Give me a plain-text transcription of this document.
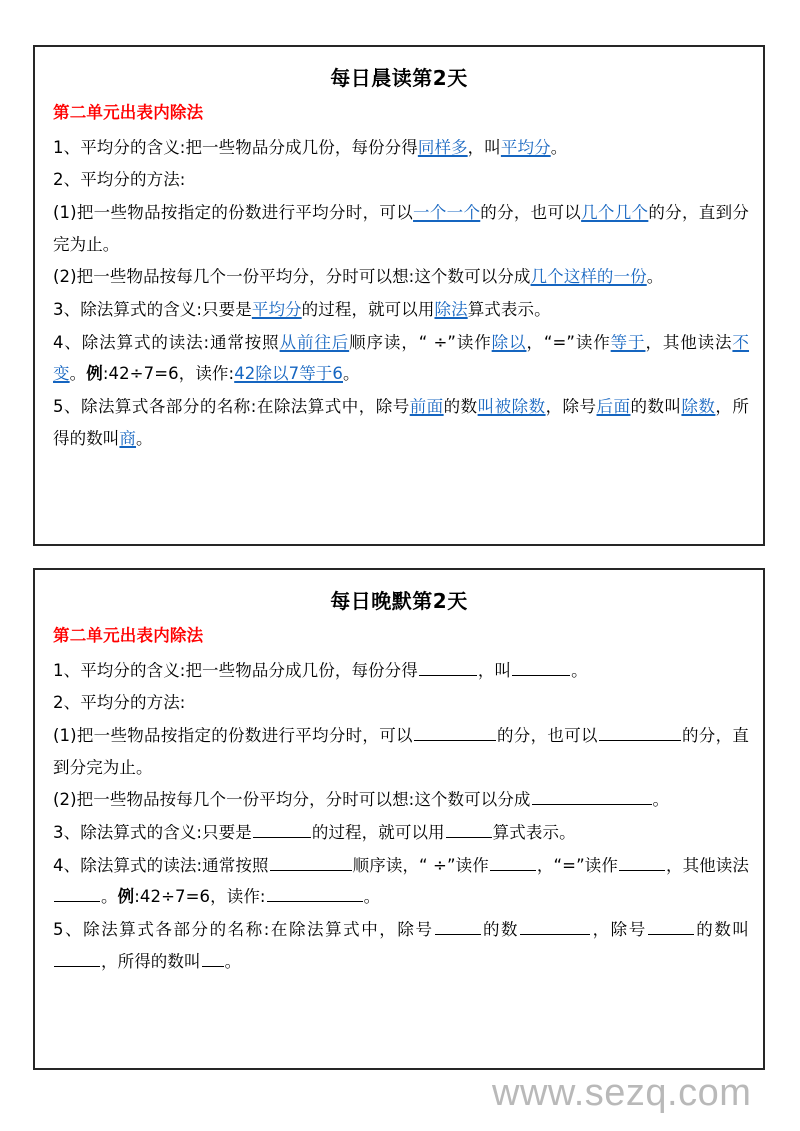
每日晨读第2天
第二单元出表内除法
1、平均分的含义:把一些物品分成几份，每份分得同样多，叫平均分。
2、平均分的方法:
(1)把一些物品按指定的份数进行平均分时，可以一个一个的分，也可以几个几个的分，直到分完为止。
(2)把一些物品按每几个一份平均分，分时可以想:这个数可以分成几个这样的一份。
3、除法算式的含义:只要是平均分的过程，就可以用除法算式表示。
4、除法算式的读法:通常按照从前往后顺序读，“ ÷”读作除以，“=”读作等于，其他读法不变。例:42÷7=6，读作:42除以7等于6。
5、除法算式各部分的名称:在除法算式中，除号前面的数叫被除数，除号后面的数叫除数，所得的数叫商。
每日晚默第2天
第二单元出表内除法
1、平均分的含义:把一些物品分成几份，每份分得	，叫	。
2、平均分的方法:
(1)把一些物品按指定的份数进行平均分时，可以	的分，也可以	的分，直到分完为止。
(2)把一些物品按每几个一份平均分，分时可以想:这个数可以分成	。
3、除法算式的含义:只要是	的过程，就可以用	算式表示。
4、除法算式的读法:通常按照	顺序读，“ ÷”读作	，“=”读作	，其他读法。例:42÷7=6，读作:	。
5、除法算式各部分的名称:在除法算式中，除号	的数	，除号	的数叫，所得的数叫 。
www.sezq.com
